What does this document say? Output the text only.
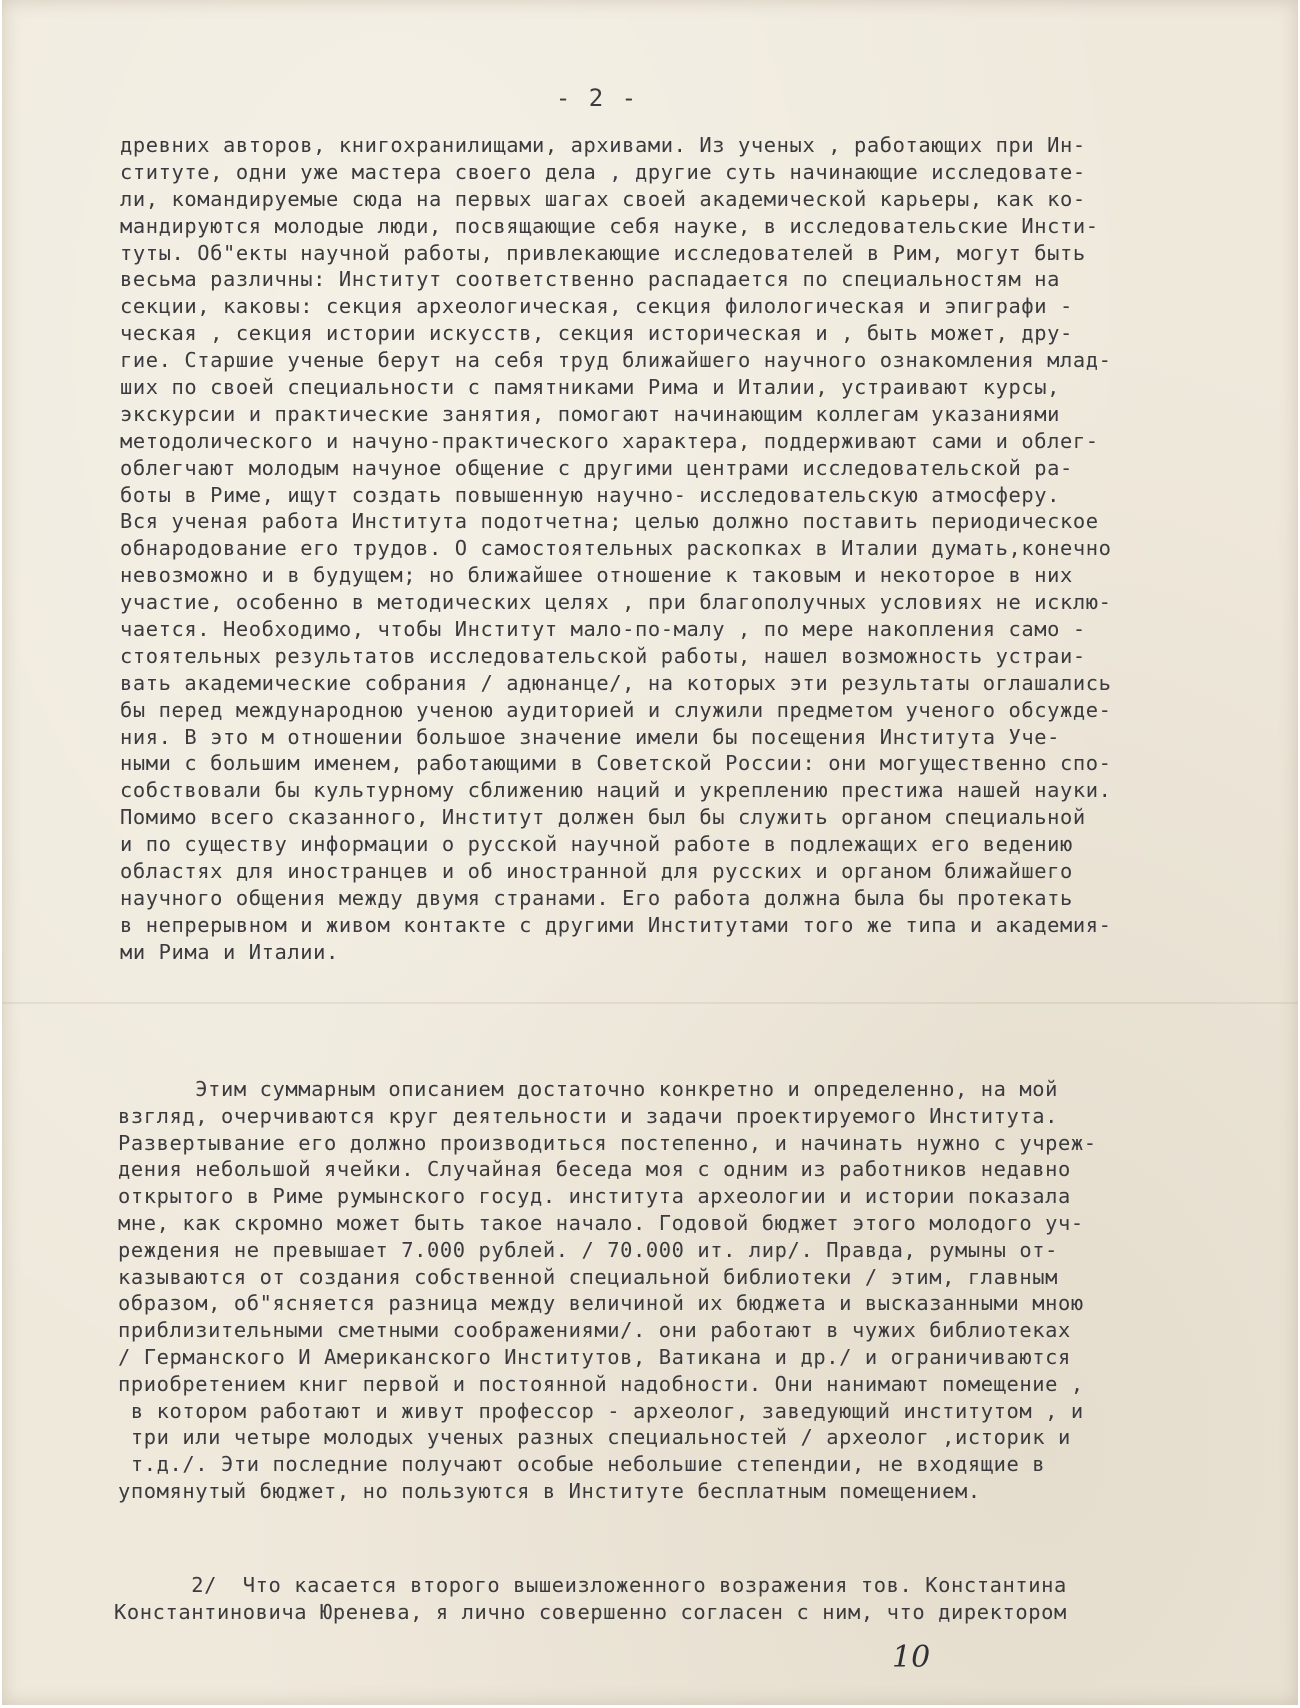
- 2 -
древних авторов, книгохранилищами, архивами. Из ученых , работающих при Ин-
ституте, одни уже мастера своего дела , другие суть начинающие исследовате-
ли, командируемые сюда на первых шагах своей академической карьеры, как ко-
мандируются молодые люди, посвящающие себя науке, в исследовательские Инсти-
туты. Об"екты научной работы, привлекающие исследователей в Рим, могут быть
весьма различны: Институт соответственно распадается по специальностям на
секции, каковы: секция археологическая, секция филологическая и эпиграфи -
ческая , секция истории искусств, секция историческая и , быть может, дру-
гие. Старшие ученые берут на себя труд ближайшего научного ознакомления млад-
ших по своей специальности с памятниками Рима и Италии, устраивают курсы,
экскурсии и практические занятия, помогают начинающим коллегам указаниями
методолического и начуно-практического характера, поддерживают сами и облег-
облегчают молодым начуное общение с другими центрами исследовательской ра-
боты в Риме, ищут создать повышенную научно- исследовательскую атмосферу.
Вся ученая работа Института подотчетна; целью должно поставить периодическое
обнародование его трудов. О самостоятельных раскопках в Италии думать,конечно
невозможно и в будущем; но ближайшее отношение к таковым и некоторое в них
участие, особенно в методических целях , при благополучных условиях не исклю-
чается. Необходимо, чтобы Институт мало-по-малу , по мере накопления само -
стоятельных результатов исследовательской работы, нашел возможность устраи-
вать академические собрания / адюнанце/, на которых эти результаты оглашались
бы перед международною ученою аудиторией и служили предметом ученого обсужде-
ния. В это м отношении большое значение имели бы посещения Института Уче-
ными с большим именем, работающими в Советской России: они могущественно спо-
собствовали бы культурному сближению наций и укреплению престижа нашей науки.
Помимо всего сказанного, Институт должен был бы служить органом специальной
и по существу информации о русской научной работе в подлежащих его ведению
областях для иностранцев и об иностранной для русских и органом ближайшего
научного общения между двумя странами. Его работа должна была бы протекать
в непрерывном и живом контакте с другими Институтами того же типа и академия-
ми Рима и Италии.
Этим суммарным описанием достаточно конкретно и определенно, на мой
взгляд, очерчиваются круг деятельности и задачи проектируемого Института.
Развертывание его должно производиться постепенно, и начинать нужно с учреж-
дения небольшой ячейки. Случайная беседа моя с одним из работников недавно
открытого в Риме румынского госуд. института археологии и истории показала
мне, как скромно может быть такое начало. Годовой бюджет этого молодого уч-
реждения не превышает 7.000 рублей. / 70.000 ит. лир/. Правда, румыны от-
казываются от создания собственной специальной библиотеки / этим, главным
образом, об"ясняется разница между величиной их бюджета и высказанными мною
приблизительными сметными соображениями/. они работают в чужих библиотеках
/ Германского И Американского Институтов, Ватикана и др./ и ограничиваются
приобретением книг первой и постоянной надобности. Они нанимают помещение ,
в котором работают и живут профессор - археолог, заведующий институтом , и
три или четыре молодых ученых разных специальностей / археолог ,историк и
т.д./. Эти последние получают особые небольшие степендии, не входящие в
упомянутый бюджет, но пользуются в Институте бесплатным помещением.
2/  Что касается второго вышеизложенного возражения тов. Константина
Константиновича Юренева, я лично совершенно согласен с ним, что директором
10
